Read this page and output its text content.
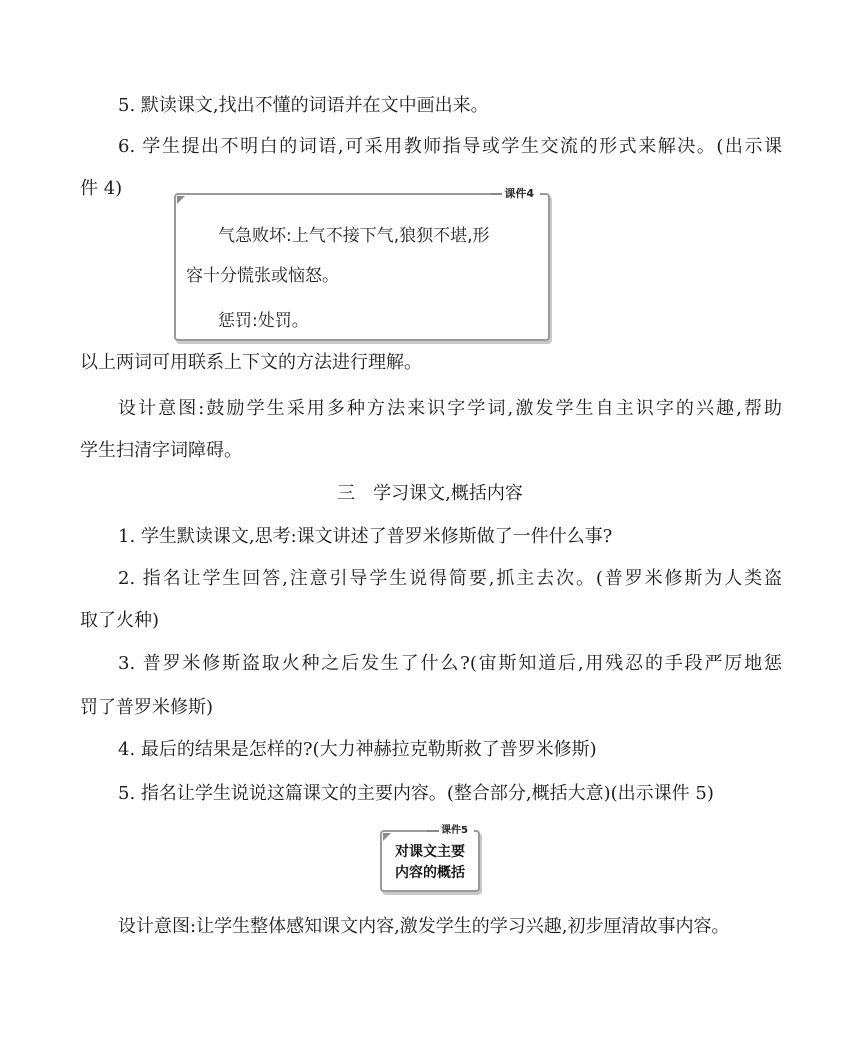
5. 默读课文,找出不懂的词语并在文中画出来。
6. 学生提出不明白的词语,可采用教师指导或学生交流的形式来解决。(出示课
件 4)	课件4
气急败坏:上气不接下气,狼狈不堪,形
容十分慌张或恼怒。
惩罚:处罚。
以上两词可用联系上下文的方法进行理解。
设计意图:鼓励学生采用多种方法来识字学词,激发学生自主识字的兴趣,帮助
学生扫清字词障碍。
三　学习课文,概括内容
1. 学生默读课文,思考:课文讲述了普罗米修斯做了一件什么事?
2. 指名让学生回答,注意引导学生说得简要,抓主去次。(普罗米修斯为人类盗
取了火种)
3. 普罗米修斯盗取火种之后发生了什么?(宙斯知道后,用残忍的手段严厉地惩
罚了普罗米修斯)
4. 最后的结果是怎样的?(大力神赫拉克勒斯救了普罗米修斯)
5. 指名让学生说说这篇课文的主要内容。(整合部分,概括大意)(出示课件 5)
课件5
对课文主要
内容的概括
设计意图:让学生整体感知课文内容,激发学生的学习兴趣,初步厘清故事内容。
